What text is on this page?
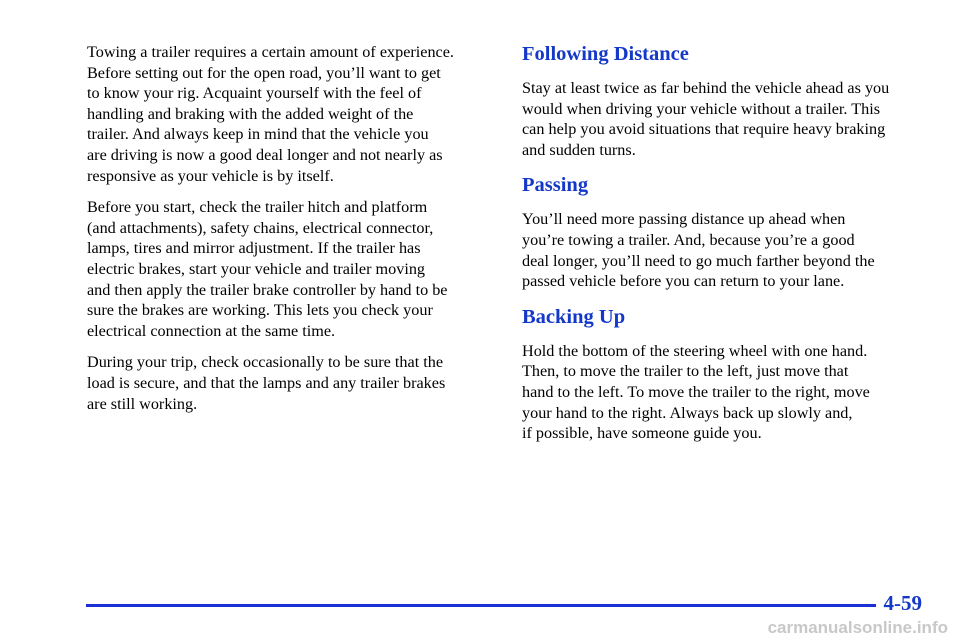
Towing a trailer requires a certain amount of experience.
Before setting out for the open road, you’ll want to get
to know your rig. Acquaint yourself with the feel of
handling and braking with the added weight of the
trailer. And always keep in mind that the vehicle you
are driving is now a good deal longer and not nearly as
responsive as your vehicle is by itself.

Before you start, check the trailer hitch and platform
(and attachments), safety chains, electrical connector,
lamps, tires and mirror adjustment. If the trailer has
electric brakes, start your vehicle and trailer moving
and then apply the trailer brake controller by hand to be
sure the brakes are working. This lets you check your
electrical connection at the same time.

During your trip, check occasionally to be sure that the
load is secure, and that the lamps and any trailer brakes
are still working.

Following Distance

Stay at least twice as far behind the vehicle ahead as you
would when driving your vehicle without a trailer. This
can help you avoid situations that require heavy braking
and sudden turns.

Passing

You’ll need more passing distance up ahead when
you’re towing a trailer. And, because you’re a good
deal longer, you’ll need to go much farther beyond the
passed vehicle before you can return to your lane.

Backing Up

Hold the bottom of the steering wheel with one hand.
Then, to move the trailer to the left, just move that
hand to the left. To move the trailer to the right, move
your hand to the right. Always back up slowly and,
if possible, have someone guide you.

4-59
carmanualsonline.info
